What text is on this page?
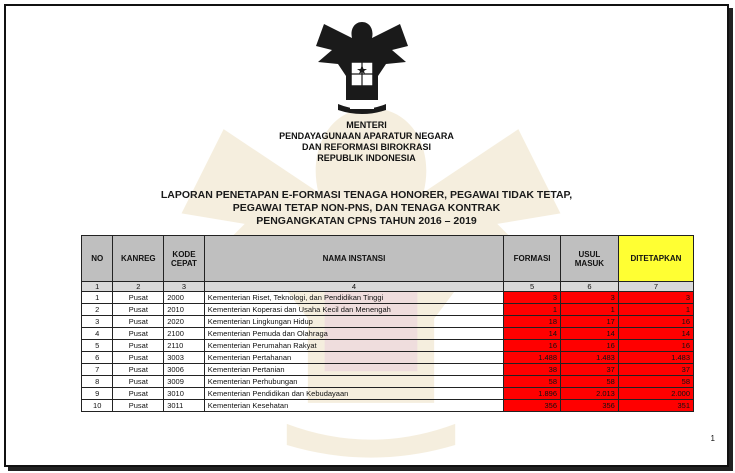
MENTERI
PENDAYAGUNAAN APARATUR NEGARA
DAN REFORMASI BIROKRASI
REPUBLIK INDONESIA
LAPORAN PENETAPAN E-FORMASI TENAGA HONORER, PEGAWAI TIDAK TETAP,
PEGAWAI TETAP NON-PNS, DAN TENAGA KONTRAK
PENGANGKATAN CPNS TAHUN 2016 – 2019
NO	KANREG	KODE CEPAT	NAMA INSTANSI	FORMASI	USUL MASUK	DITETAPKAN
1	2	3	4	5	6	7
1	Pusat	2000	Kementerian Riset, Teknologi, dan Pendidikan Tinggi	3	3	3
2	Pusat	2010	Kementerian Koperasi dan Usaha Kecil dan Menengah	1	1	1
3	Pusat	2020	Kementerian Lingkungan Hidup	18	17	16
4	Pusat	2100	Kementerian Pemuda dan Olahraga	14	14	14
5	Pusat	2110	Kementerian Perumahan Rakyat	16	16	16
6	Pusat	3003	Kementerian Pertahanan	1.488	1.483	1.483
7	Pusat	3006	Kementerian Pertanian	38	37	37
8	Pusat	3009	Kementerian Perhubungan	58	58	58
9	Pusat	3010	Kementerian Pendidikan dan Kebudayaan	1.896	2.013	2.000
10	Pusat	3011	Kementerian Kesehatan	356	356	351
1
